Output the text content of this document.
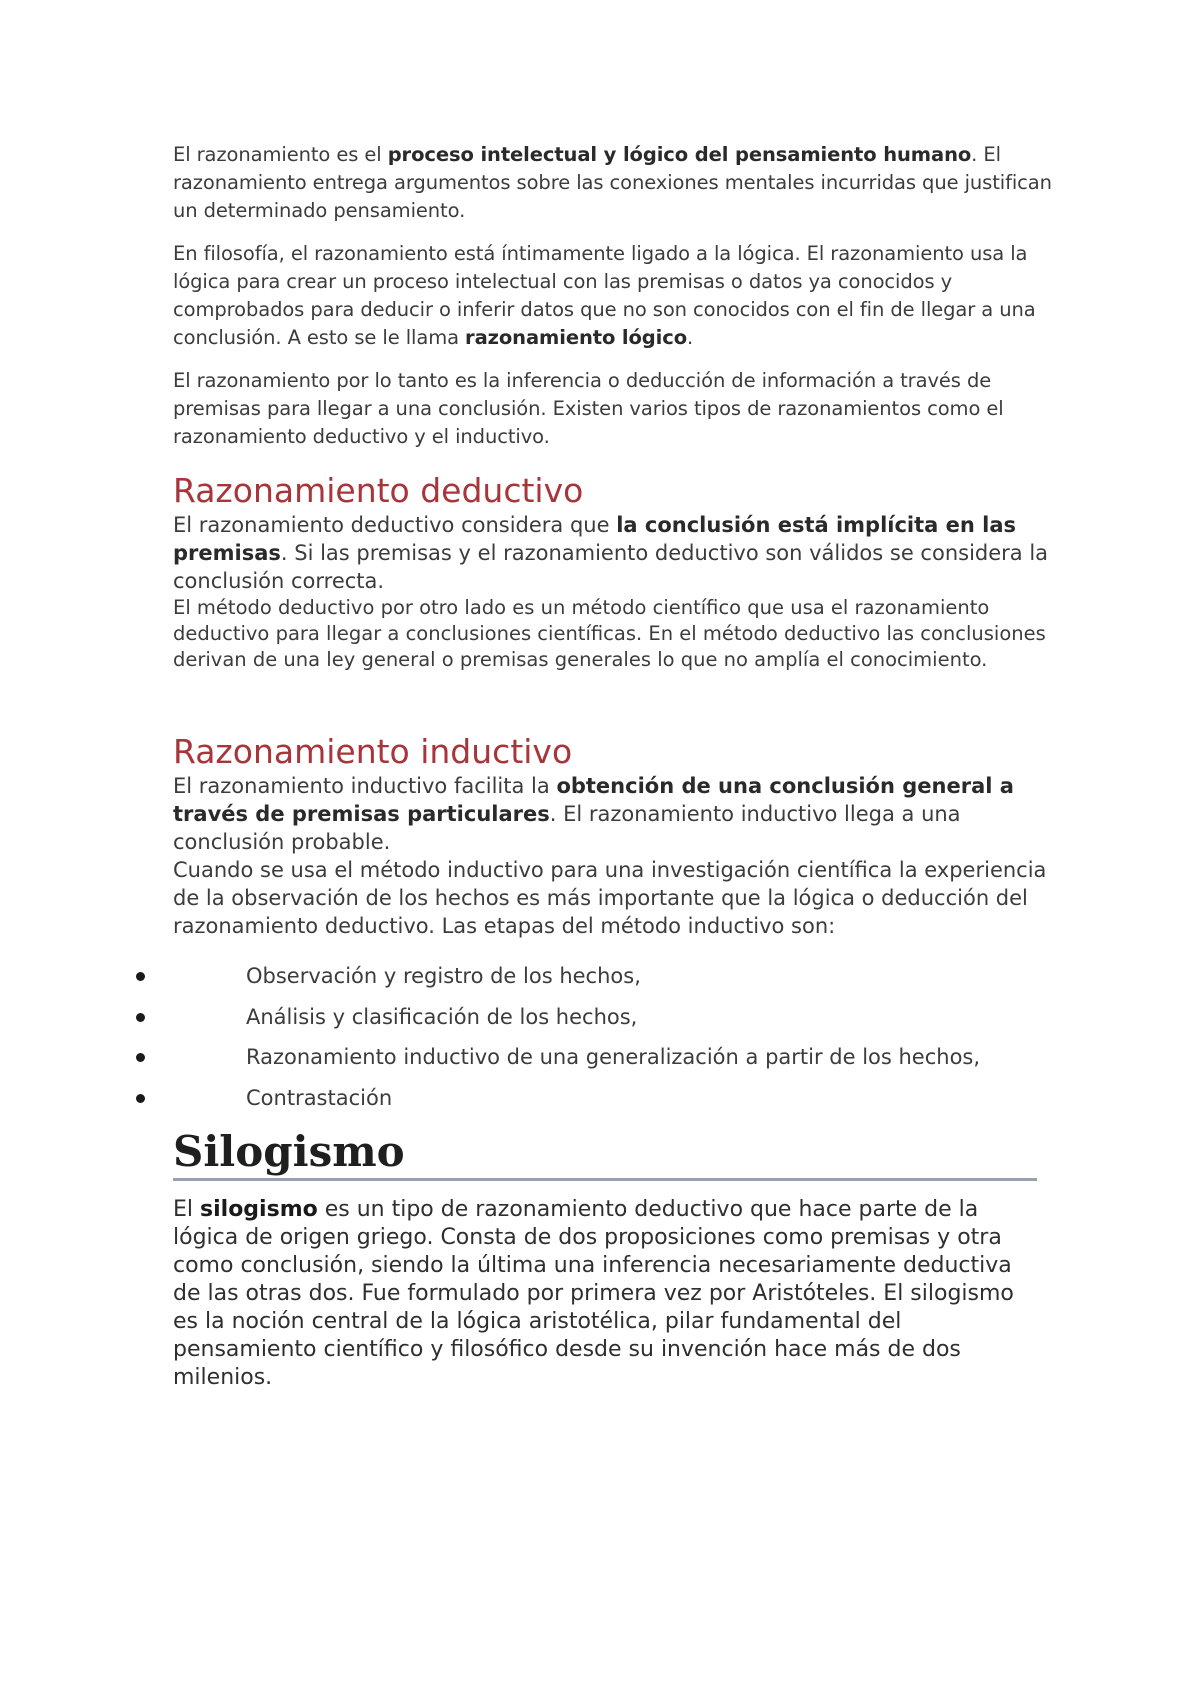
El razonamiento es el proceso intelectual y lógico del pensamiento humano. El razonamiento entrega argumentos sobre las conexiones mentales incurridas que justifican un determinado pensamiento.

En filosofía, el razonamiento está íntimamente ligado a la lógica. El razonamiento usa la lógica para crear un proceso intelectual con las premisas o datos ya conocidos y comprobados para deducir o inferir datos que no son conocidos con el fin de llegar a una conclusión. A esto se le llama razonamiento lógico.

El razonamiento por lo tanto es la inferencia o deducción de información a través de premisas para llegar a una conclusión. Existen varios tipos de razonamientos como el razonamiento deductivo y el inductivo.

Razonamiento deductivo

El razonamiento deductivo considera que la conclusión está implícita en las premisas. Si las premisas y el razonamiento deductivo son válidos se considera la conclusión correcta.

El método deductivo por otro lado es un método científico que usa el razonamiento deductivo para llegar a conclusiones científicas. En el método deductivo las conclusiones derivan de una ley general o premisas generales lo que no amplía el conocimiento.

Razonamiento inductivo

El razonamiento inductivo facilita la obtención de una conclusión general a través de premisas particulares. El razonamiento inductivo llega a una conclusión probable.

Cuando se usa el método inductivo para una investigación científica la experiencia de la observación de los hechos es más importante que la lógica o deducción del razonamiento deductivo. Las etapas del método inductivo son:

Observación y registro de los hechos,
Análisis y clasificación de los hechos,
Razonamiento inductivo de una generalización a partir de los hechos,
Contrastación
Silogismo

El silogismo es un tipo de razonamiento deductivo que hace parte de la lógica de origen griego. Consta de dos proposiciones como premisas y otra como conclusión, siendo la última una inferencia necesariamente deductiva de las otras dos. Fue formulado por primera vez por Aristóteles. El silogismo es la noción central de la lógica aristotélica, pilar fundamental del pensamiento científico y filosófico desde su invención hace más de dos milenios.
